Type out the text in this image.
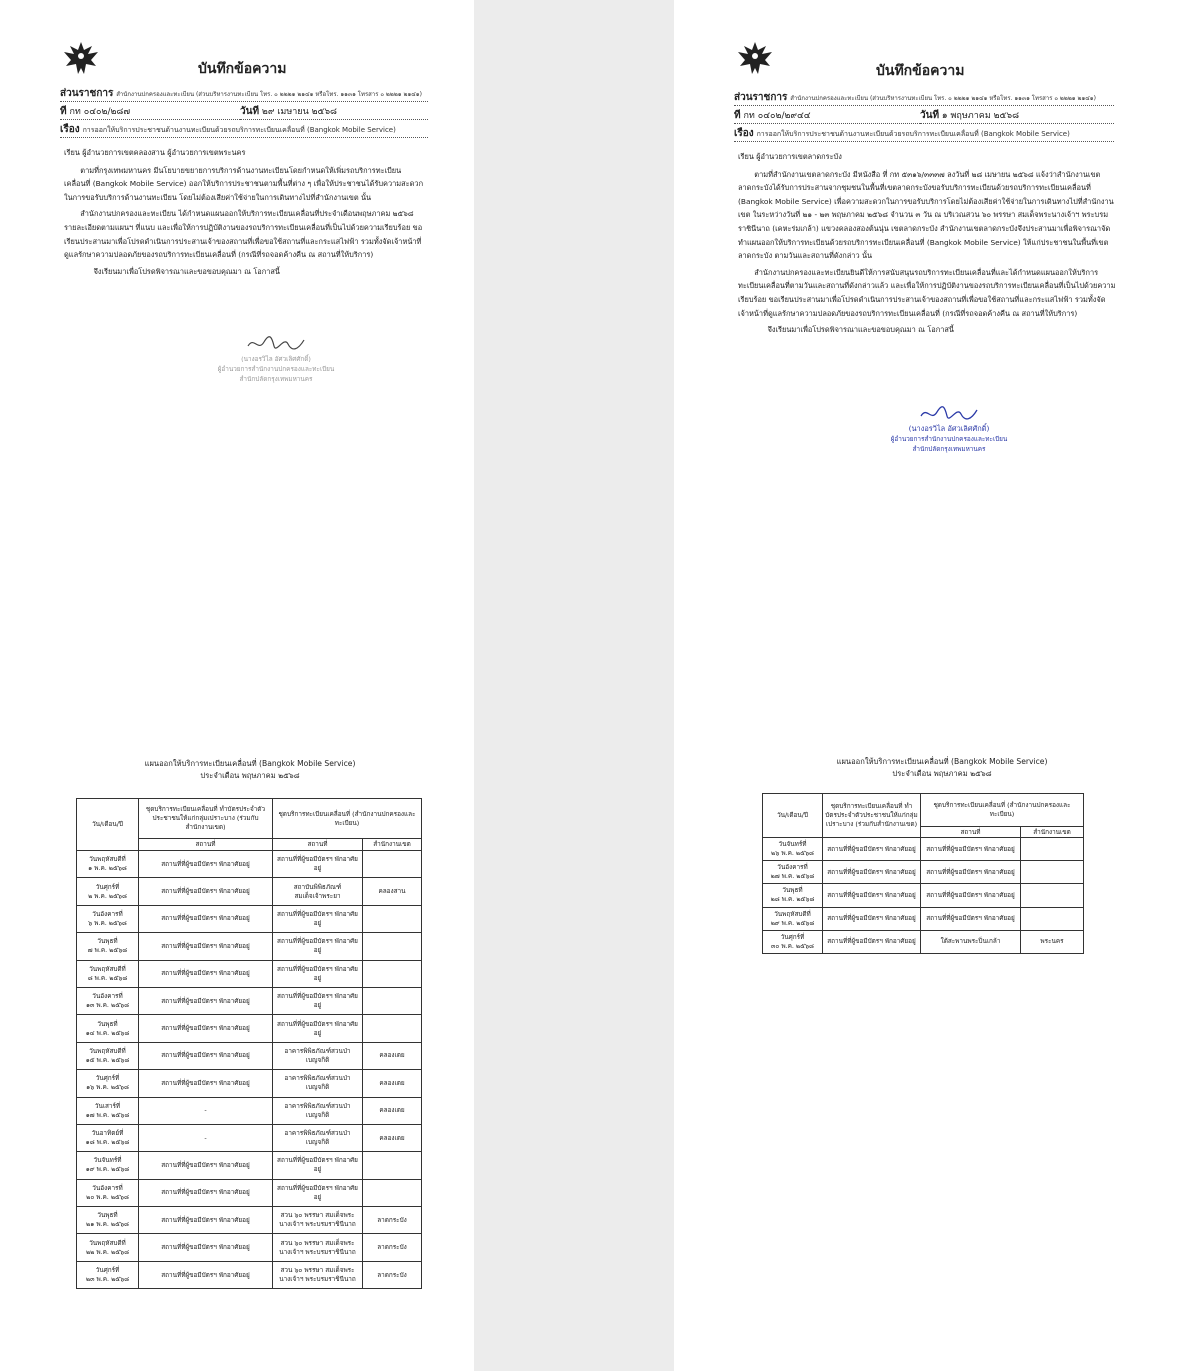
บันทึกข้อความ
ส่วนราชการ สำนักงานปกครองและทะเบียน (ส่วนบริหารงานทะเบียน โทร. ๐ ๒๒๒๑ ๒๑๔๑ หรือโทร. ๑๑๓๑ โทรสาร ๐ ๒๒๒๑ ๒๑๔๑)
ที่ กท ๐๔๐๒/๒๘๗	วันที่ ๒๙ เมษายน ๒๕๖๘
เรื่อง การออกให้บริการประชาชนด้านงานทะเบียนด้วยรถบริการทะเบียนเคลื่อนที่ (Bangkok Mobile Service)

เรียน ผู้อำนวยการเขตคลองสาน ผู้อำนวยการเขตพระนคร

ตามที่กรุงเทพมหานคร มีนโยบายขยายการบริการด้านงานทะเบียนโดยกำหนดให้เพิ่มรถบริการทะเบียนเคลื่อนที่ (Bangkok Mobile Service) ออกให้บริการประชาชนตามพื้นที่ต่าง ๆ เพื่อให้ประชาชนได้รับความสะดวกในการขอรับบริการด้านงานทะเบียน โดยไม่ต้องเสียค่าใช้จ่ายในการเดินทางไปที่สำนักงานเขต นั้น

สำนักงานปกครองและทะเบียน ได้กำหนดแผนออกให้บริการทะเบียนเคลื่อนที่ประจำเดือนพฤษภาคม ๒๕๖๘ รายละเอียดตามแผนฯ ที่แนบ และเพื่อให้การปฏิบัติงานของรถบริการทะเบียนเคลื่อนที่เป็นไปด้วยความเรียบร้อย ขอเรียนประสานมาเพื่อโปรดดำเนินการประสานเจ้าของสถานที่เพื่อขอใช้สถานที่และกระแสไฟฟ้า รวมทั้งจัดเจ้าหน้าที่ดูแลรักษาความปลอดภัยของรถบริการทะเบียนเคลื่อนที่ (กรณีที่รถจอดค้างคืน ณ สถานที่ให้บริการ)

จึงเรียนมาเพื่อโปรดพิจารณาและขอขอบคุณมา ณ โอกาสนี้

(นางอรวิไล อัศวเลิศศักดิ์)
ผู้อำนวยการสำนักงานปกครองและทะเบียน
สำนักปลัดกรุงเทพมหานคร
บันทึกข้อความ
ส่วนราชการ สำนักงานปกครองและทะเบียน (ส่วนบริหารงานทะเบียน โทร. ๐ ๒๒๒๑ ๒๑๔๑ หรือโทร. ๑๑๓๑ โทรสาร ๐ ๒๒๒๑ ๒๑๔๑)
ที่ กท ๐๔๐๒/๒๙๔๔	วันที่ ๑ พฤษภาคม ๒๕๖๘
เรื่อง การออกให้บริการประชาชนด้านงานทะเบียนด้วยรถบริการทะเบียนเคลื่อนที่ (Bangkok Mobile Service)

เรียน ผู้อำนวยการเขตลาดกระบัง

ตามที่สำนักงานเขตลาดกระบัง มีหนังสือ ที่ กท ๕๓๑๖/๓๓๓๗ ลงวันที่ ๒๘ เมษายน ๒๕๖๘ แจ้งว่าสำนักงานเขตลาดกระบังได้รับการประสานจากชุมชนในพื้นที่เขตลาดกระบังขอรับบริการทะเบียนด้วยรถบริการทะเบียนเคลื่อนที่ (Bangkok Mobile Service) เพื่อความสะดวกในการขอรับบริการโดยไม่ต้องเสียค่าใช้จ่ายในการเดินทางไปที่สำนักงานเขต ในระหว่างวันที่ ๒๑ - ๒๓ พฤษภาคม ๒๕๖๘ จำนวน ๓ วัน ณ บริเวณสวน ๖๐ พรรษา สมเด็จพระนางเจ้าฯ พระบรมราชินีนาถ (เคหะร่มเกล้า) แขวงคลองสองต้นนุ่น เขตลาดกระบัง สำนักงานเขตลาดกระบังจึงประสานมาเพื่อพิจารณาจัดทำแผนออกให้บริการทะเบียนด้วยรถบริการทะเบียนเคลื่อนที่ (Bangkok Mobile Service) ให้แก่ประชาชนในพื้นที่เขตลาดกระบัง ตามวันและสถานที่ดังกล่าว นั้น

สำนักงานปกครองและทะเบียนยินดีให้การสนับสนุนรถบริการทะเบียนเคลื่อนที่และได้กำหนดแผนออกให้บริการทะเบียนเคลื่อนที่ตามวันและสถานที่ดังกล่าวแล้ว และเพื่อให้การปฏิบัติงานของรถบริการทะเบียนเคลื่อนที่เป็นไปด้วยความเรียบร้อย ขอเรียนประสานมาเพื่อโปรดดำเนินการประสานเจ้าของสถานที่เพื่อขอใช้สถานที่และกระแสไฟฟ้า รวมทั้งจัดเจ้าหน้าที่ดูแลรักษาความปลอดภัยของรถบริการทะเบียนเคลื่อนที่ (กรณีที่รถจอดค้างคืน ณ สถานที่ให้บริการ)

จึงเรียนมาเพื่อโปรดพิจารณาและขอขอบคุณมา ณ โอกาสนี้

(นางอรวิไล อัศวเลิศศักดิ์)
ผู้อำนวยการสำนักงานปกครองและทะเบียน
สำนักปลัดกรุงเทพมหานคร
แผนออกให้บริการทะเบียนเคลื่อนที่ (Bangkok Mobile Service)
ประจำเดือน พฤษภาคม ๒๕๖๘
วัน/เดือน/ปี	ชุดบริการทะเบียนเคลื่อนที่ ทำบัตรประจำตัวประชาชนให้แก่กลุ่มเปราะบาง (ร่วมกับสำนักงานเขต)	ชุดบริการทะเบียนเคลื่อนที่ (สำนักงานปกครองและทะเบียน)	
	สถานที่	สถานที่	สำนักงานเขต

วันพฤหัสบดีที่
๑ พ.ค. ๒๕๖๘	สถานที่ที่ผู้ขอมีบัตรฯ พักอาศัยอยู่	สถานที่ที่ผู้ขอมีบัตรฯ พักอาศัยอยู่	

วันศุกร์ที่
๒ พ.ค. ๒๕๖๘	สถานที่ที่ผู้ขอมีบัตรฯ พักอาศัยอยู่	สถาบันพิพิธภัณฑ์สมเด็จเจ้าพระยา	คลองสาน

วันอังคารที่
๖ พ.ค. ๒๕๖๘	สถานที่ที่ผู้ขอมีบัตรฯ พักอาศัยอยู่	สถานที่ที่ผู้ขอมีบัตรฯ พักอาศัยอยู่	

วันพุธที่
๗ พ.ค. ๒๕๖๘	สถานที่ที่ผู้ขอมีบัตรฯ พักอาศัยอยู่	สถานที่ที่ผู้ขอมีบัตรฯ พักอาศัยอยู่	

วันพฤหัสบดีที่
๘ พ.ค. ๒๕๖๘	สถานที่ที่ผู้ขอมีบัตรฯ พักอาศัยอยู่	สถานที่ที่ผู้ขอมีบัตรฯ พักอาศัยอยู่	

วันอังคารที่
๑๓ พ.ค. ๒๕๖๘	สถานที่ที่ผู้ขอมีบัตรฯ พักอาศัยอยู่	สถานที่ที่ผู้ขอมีบัตรฯ พักอาศัยอยู่	

วันพุธที่
๑๔ พ.ค. ๒๕๖๘	สถานที่ที่ผู้ขอมีบัตรฯ พักอาศัยอยู่	สถานที่ที่ผู้ขอมีบัตรฯ พักอาศัยอยู่	

วันพฤหัสบดีที่
๑๕ พ.ค. ๒๕๖๘	สถานที่ที่ผู้ขอมีบัตรฯ พักอาศัยอยู่	อาคารพิพิธภัณฑ์สวนป่าเบญจกิติ	คลองเตย

วันศุกร์ที่
๑๖ พ.ค. ๒๕๖๘	สถานที่ที่ผู้ขอมีบัตรฯ พักอาศัยอยู่	อาคารพิพิธภัณฑ์สวนป่าเบญจกิติ	คลองเตย

วันเสาร์ที่
๑๗ พ.ค. ๒๕๖๘	-	อาคารพิพิธภัณฑ์สวนป่าเบญจกิติ	คลองเตย

วันอาทิตย์ที่
๑๘ พ.ค. ๒๕๖๘	-	อาคารพิพิธภัณฑ์สวนป่าเบญจกิติ	คลองเตย

วันจันทร์ที่
๑๙ พ.ค. ๒๕๖๘	สถานที่ที่ผู้ขอมีบัตรฯ พักอาศัยอยู่	สถานที่ที่ผู้ขอมีบัตรฯ พักอาศัยอยู่	

วันอังคารที่
๒๐ พ.ค. ๒๕๖๘	สถานที่ที่ผู้ขอมีบัตรฯ พักอาศัยอยู่	สถานที่ที่ผู้ขอมีบัตรฯ พักอาศัยอยู่	

วันพุธที่
๒๑ พ.ค. ๒๕๖๘	สถานที่ที่ผู้ขอมีบัตรฯ พักอาศัยอยู่	สวน ๖๐ พรรษา สมเด็จพระนางเจ้าฯ พระบรมราชินีนาถ	ลาดกระบัง

วันพฤหัสบดีที่
๒๒ พ.ค. ๒๕๖๘	สถานที่ที่ผู้ขอมีบัตรฯ พักอาศัยอยู่	สวน ๖๐ พรรษา สมเด็จพระนางเจ้าฯ พระบรมราชินีนาถ	ลาดกระบัง

วันศุกร์ที่
๒๓ พ.ค. ๒๕๖๘	สถานที่ที่ผู้ขอมีบัตรฯ พักอาศัยอยู่	สวน ๖๐ พรรษา สมเด็จพระนางเจ้าฯ พระบรมราชินีนาถ	ลาดกระบัง
แผนออกให้บริการทะเบียนเคลื่อนที่ (Bangkok Mobile Service)
ประจำเดือน พฤษภาคม ๒๕๖๘
วัน/เดือน/ปี	ชุดบริการทะเบียนเคลื่อนที่ ทำบัตรประจำตัวประชาชนให้แก่กลุ่มเปราะบาง (ร่วมกับสำนักงานเขต)	ชุดบริการทะเบียนเคลื่อนที่ (สำนักงานปกครองและทะเบียน)	
		สถานที่	สำนักงานเขต

วันจันทร์ที่
๒๖ พ.ค. ๒๕๖๘	สถานที่ที่ผู้ขอมีบัตรฯ พักอาศัยอยู่	สถานที่ที่ผู้ขอมีบัตรฯ พักอาศัยอยู่	

วันอังคารที่
๒๗ พ.ค. ๒๕๖๘	สถานที่ที่ผู้ขอมีบัตรฯ พักอาศัยอยู่	สถานที่ที่ผู้ขอมีบัตรฯ พักอาศัยอยู่	

วันพุธที่
๒๘ พ.ค. ๒๕๖๘	สถานที่ที่ผู้ขอมีบัตรฯ พักอาศัยอยู่	สถานที่ที่ผู้ขอมีบัตรฯ พักอาศัยอยู่	

วันพฤหัสบดีที่
๒๙ พ.ค. ๒๕๖๘	สถานที่ที่ผู้ขอมีบัตรฯ พักอาศัยอยู่	สถานที่ที่ผู้ขอมีบัตรฯ พักอาศัยอยู่	

วันศุกร์ที่
๓๐ พ.ค. ๒๕๖๘	สถานที่ที่ผู้ขอมีบัตรฯ พักอาศัยอยู่	ใต้สะพานพระปิ่นเกล้า	พระนคร
